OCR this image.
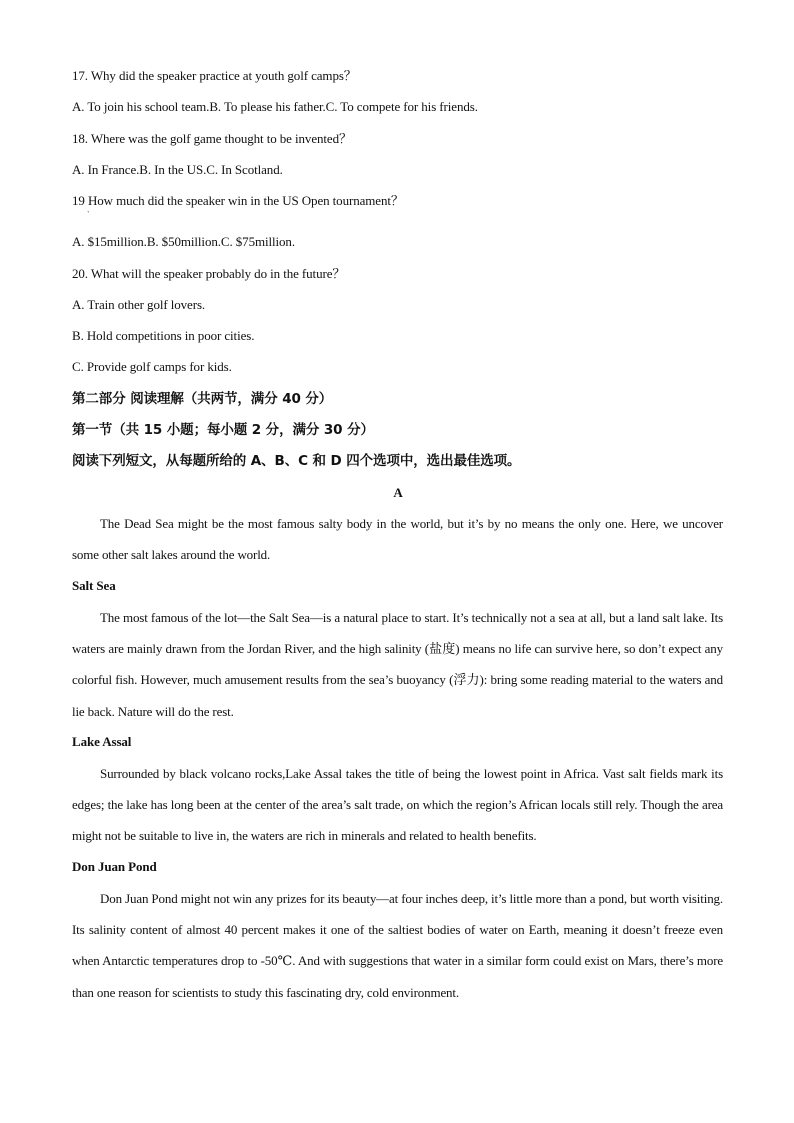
17. Why did the speaker practice at youth golf camps？
A. To join his school team.B. To please his father.C. To compete for his friends.
18. Where was the golf game thought to be invented？
A. In France.B. In the US.C. In Scotland.
19 How much did the speaker win in the US Open tournament？
`
A. $15million.B. $50million.C. $75million.
20. What will the speaker probably do in the future？
A. Train other golf lovers.
B. Hold competitions in poor cities.
C. Provide golf camps for kids.
第二部分 阅读理解（共两节，满分 40 分）
第一节（共 15 小题；每小题 2 分，满分 30 分）
阅读下列短文，从每题所给的 A、B、C 和 D 四个选项中，选出最佳选项。
A
The Dead Sea might be the most famous salty body in the world, but it’s by no means the only one. Here, we uncover some other salt lakes around the world.
Salt Sea
The most famous of the lot—the Salt Sea—is a natural place to start. It’s technically not a sea at all, but a land salt lake. Its waters are mainly drawn from the Jordan River, and the high salinity (盐度) means no life can survive here, so don’t expect any colorful fish. However, much amusement results from the sea’s buoyancy (浮力): bring some reading material to the waters and lie back. Nature will do the rest.
Lake Assal
Surrounded by black volcano rocks,Lake Assal takes the title of being the lowest point in Africa. Vast salt fields mark its edges; the lake has long been at the center of the area’s salt trade, on which the region’s African locals still rely. Though the area might not be suitable to live in, the waters are rich in minerals and related to health benefits.
Don Juan Pond
Don Juan Pond might not win any prizes for its beauty—at four inches deep, it’s little more than a pond, but worth visiting. Its salinity content of almost 40 percent makes it one of the saltiest bodies of water on Earth, meaning it doesn’t freeze even when Antarctic temperatures drop to -50℃. And with suggestions that water in a similar form could exist on Mars, there’s more than one reason for scientists to study this fascinating dry, cold environment.
